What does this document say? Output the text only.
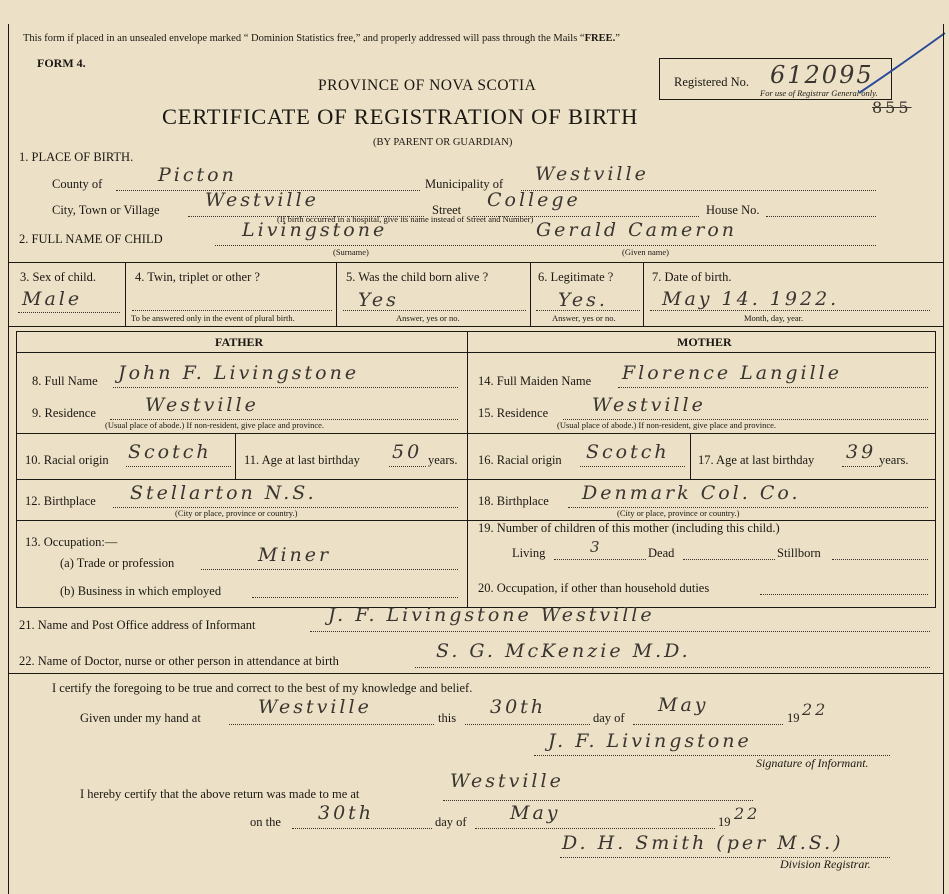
This form if placed in an unsealed envelope marked “ Dominion Statistics free,” and properly addressed will pass through the Mails “FREE.”
FORM 4.
Registered No. 612095
For use of Registrar General only.
855
PROVINCE OF NOVA SCOTIA
CERTIFICATE OF REGISTRATION OF BIRTH
(BY PARENT OR GUARDIAN)
1. PLACE OF BIRTH.
County of	Picton	Municipality of Westville
City, Town or Village Westville	Street College	House No.
(If birth occurred in a hospital, give its name instead of Street and Number)
2. FULL NAME OF CHILD	Livingstone	Gerald Cameron
(Surname)	(Given name)
3. Sex of child.
Male
4. Twin, triplet or other ?
To be answered only in the event of plural birth.
5. Was the child born alive ?
Yes
Answer, yes or no.
6. Legitimate ?
Yes.
Answer, yes or no.
7. Date of birth.
May 14. 1922.
Month, day, year.
FATHER	MOTHER
8. Full Name John F. Livingstone
9. Residence	Westville
(Usual place of abode.) If non-resident, give place and province.
10. Racial origin Scotch	11. Age at last birthday 50 years.
12. Birthplace Stellarton N.S.
(City or place, province or country.)
13. Occupation:—
(a) Trade or profession	Miner
(b) Business in which employed
14. Full Maiden Name Florence Langille
15. Residence Westville
(Usual place of abode.) If non-resident, give place and province.
16. Racial origin Scotch 17. Age at last birthday 39 years.
18. Birthplace Denmark Col. Co.
(City or place, province or country.)
19. Number of children of this mother (including this child.)
Living	3	Dead	Stillborn
20. Occupation, if other than household duties
21. Name and Post Office address of Informant	J. F. Livingstone Westville
22. Name of Doctor, nurse or other person in attendance at birth	S. G. McKenzie M.D.
I certify the foregoing to be true and correct to the best of my knowledge and belief.
Given under my hand at	Westville	this 30th	day of
May
19 22
J. F. Livingstone
Signature of Informant.
I hereby certify that the above return was made to me at
Westville
on the 30th	day of May	19 22
D. H. Smith (per M.S.)
Division Registrar.
